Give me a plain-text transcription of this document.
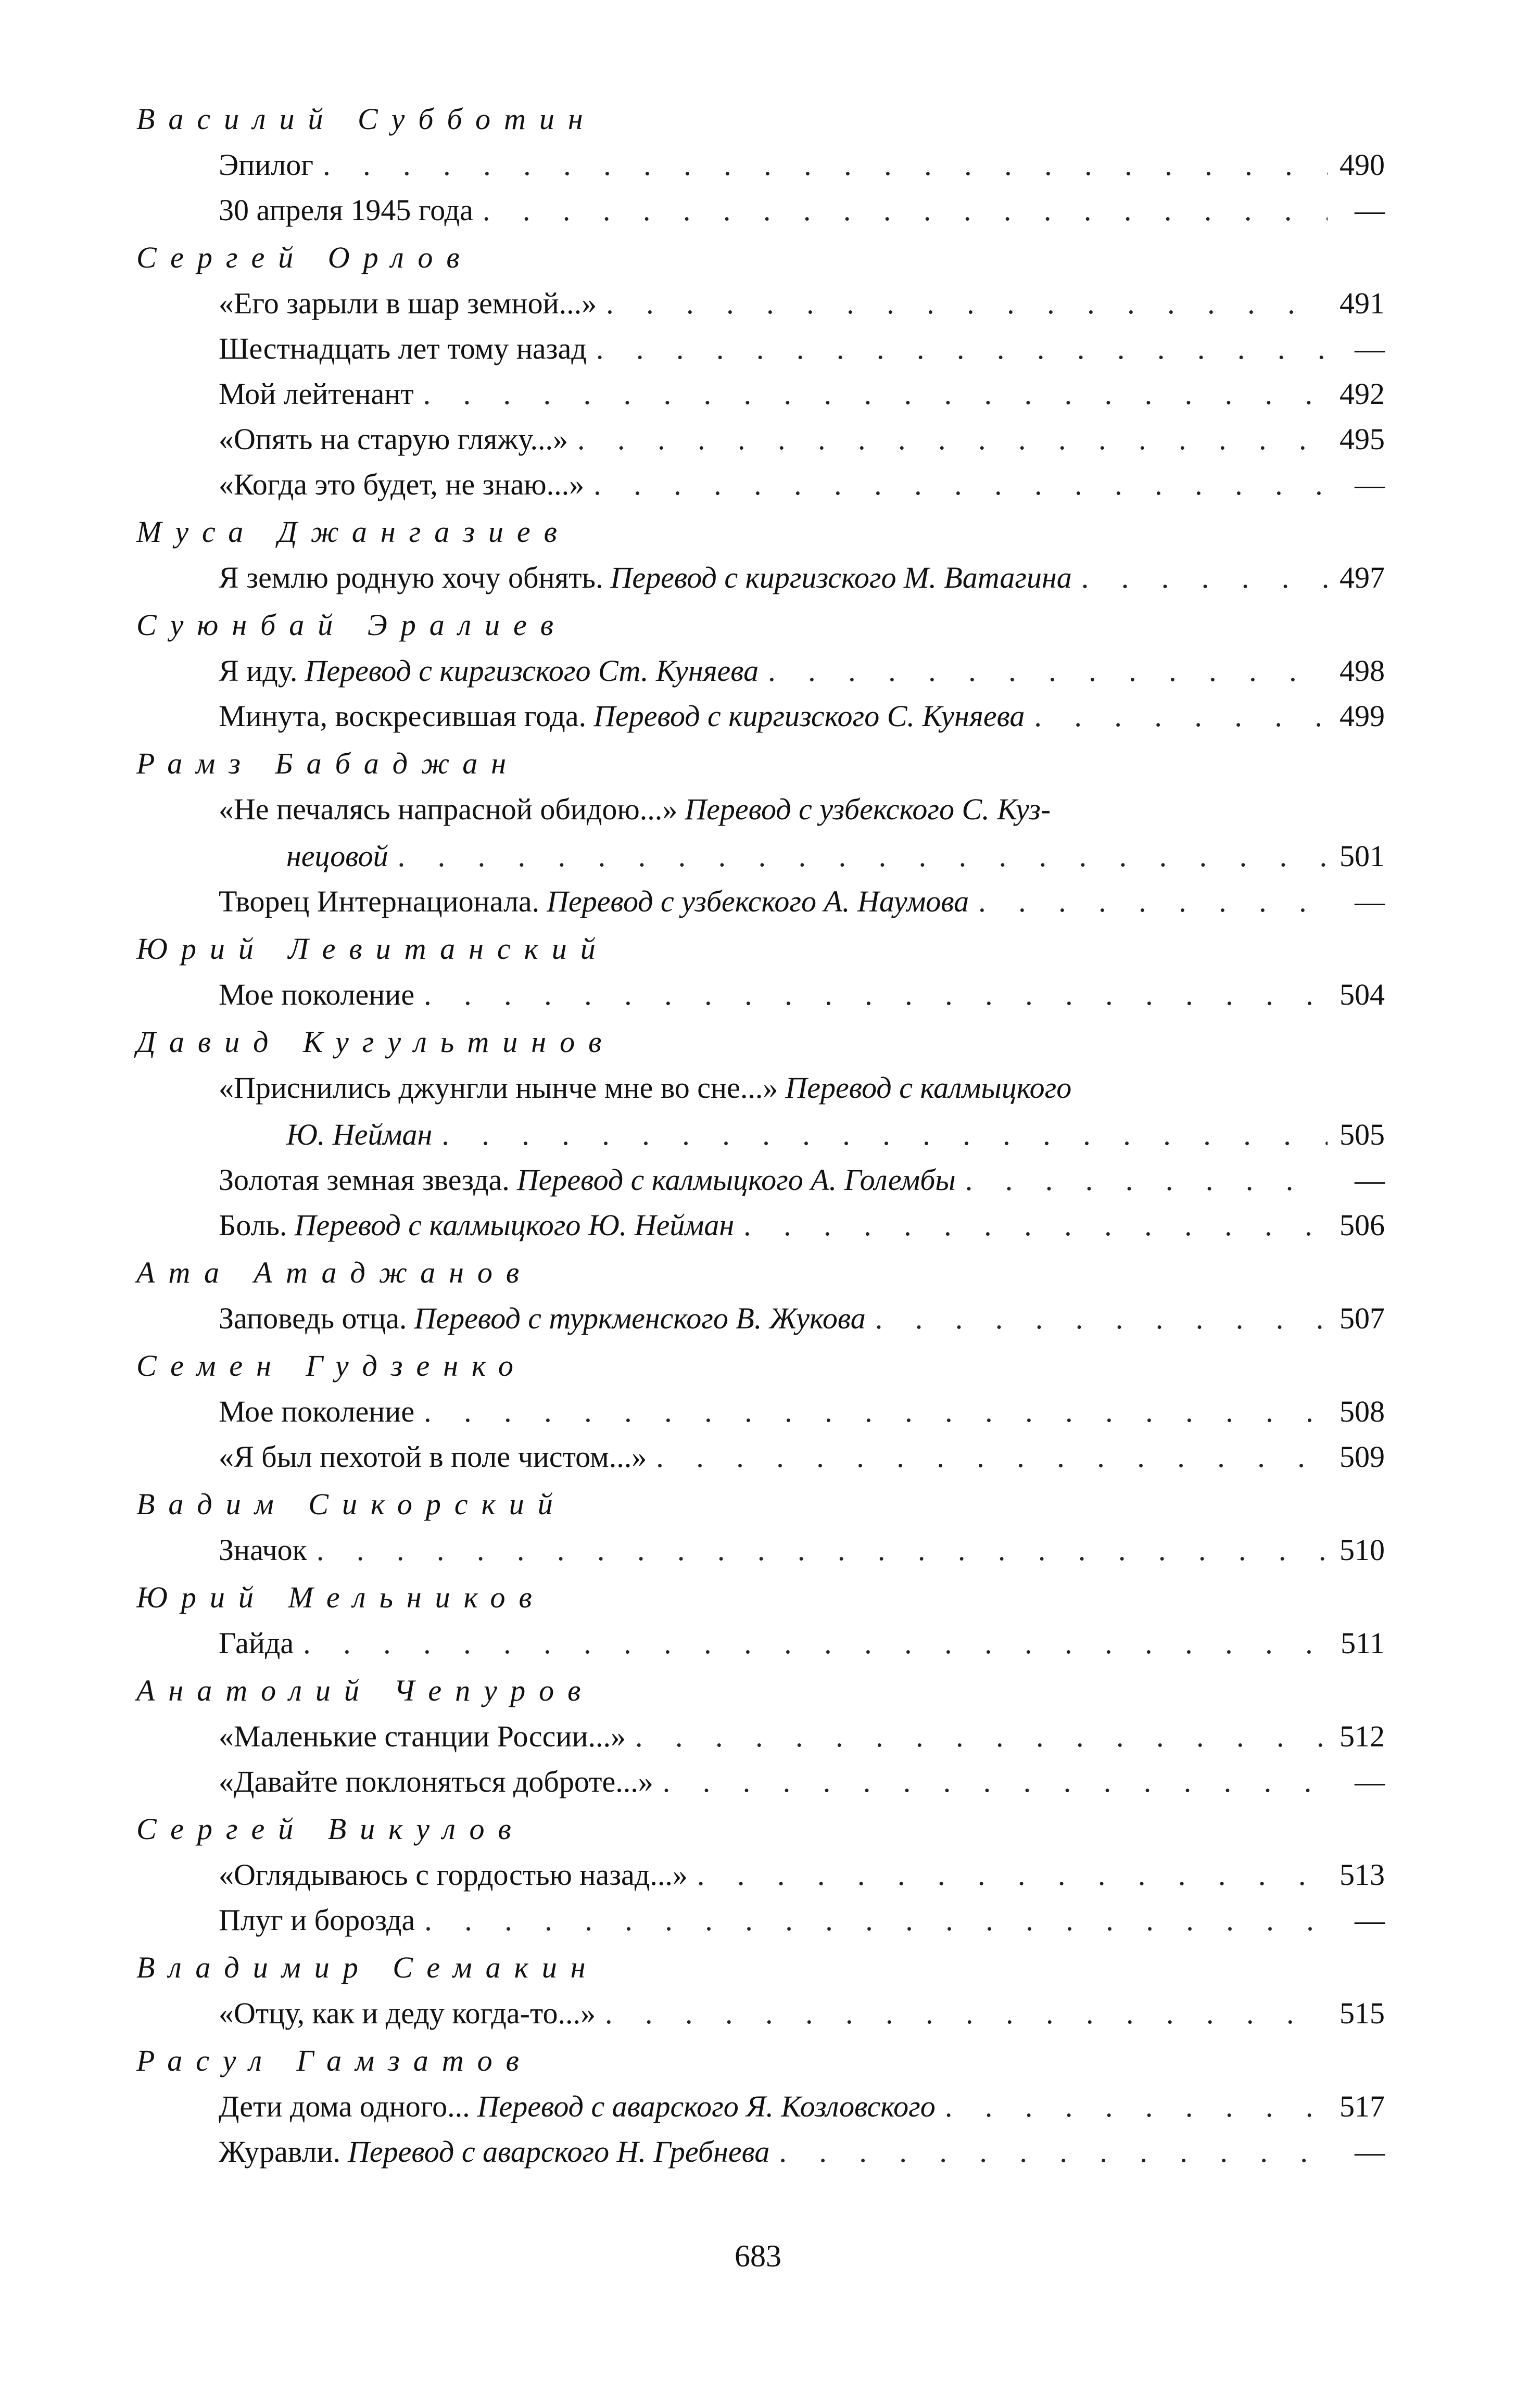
Василий Субботин
Эпилог . . .	490
30 апреля 1945 года . . .	—
Сергей Орлов
«Его зарыли в шар земной...» . . .	491
Шестнадцать лет тому назад . . .	—
Мой лейтенант . . .	492
«Опять на старую гляжу...» . . .	495
«Когда это будет, не знаю...» . . .	—
Муса Джангазиев
Я землю родную хочу обнять. Перевод с киргизского М. Ватагина . . .	497
Суюнбай Эралиев
Я иду. Перевод с киргизского Ст. Куняева . . .	498
Минута, воскресившая года. Перевод с киргизского С. Куняева . . .	499
Рамз Бабаджан
«Не печалясь напрасной обидою...» Перевод с узбекского С. Куз-
нецовой . . .	501
Творец Интернационала. Перевод с узбекского А. Наумова . . .	—
Юрий Левитанский
Мое поколение . . .	504
Давид Кугультинов
«Приснились джунгли нынче мне во сне...» Перевод с калмыцкого
Ю. Нейман . . .	505
Золотая земная звезда. Перевод с калмыцкого А. Голембы . . .	—
Боль. Перевод с калмыцкого Ю. Нейман . . .	506
Ата Атаджанов
Заповедь отца. Перевод с туркменского В. Жукова . . .	507
Семен Гудзенко
Мое поколение . . .	508
«Я был пехотой в поле чистом...» . . .	509
Вадим Сикорский
Значок . . .	510
Юрий Мельников
Гайда . . .	511
Анатолий Чепуров
«Маленькие станции России...» . . .	512
«Давайте поклоняться доброте...» . . .	—
Сергей Викулов
«Оглядываюсь с гордостью назад...» . . .	513
Плуг и борозда . . .	—
Владимир Семакин
«Отцу, как и деду когда-то...» . . .	515
Расул Гамзатов
Дети дома одного... Перевод с аварского Я. Козловского . . .	517
Журавли. Перевод с аварского Н. Гребнева . . .	—
683
